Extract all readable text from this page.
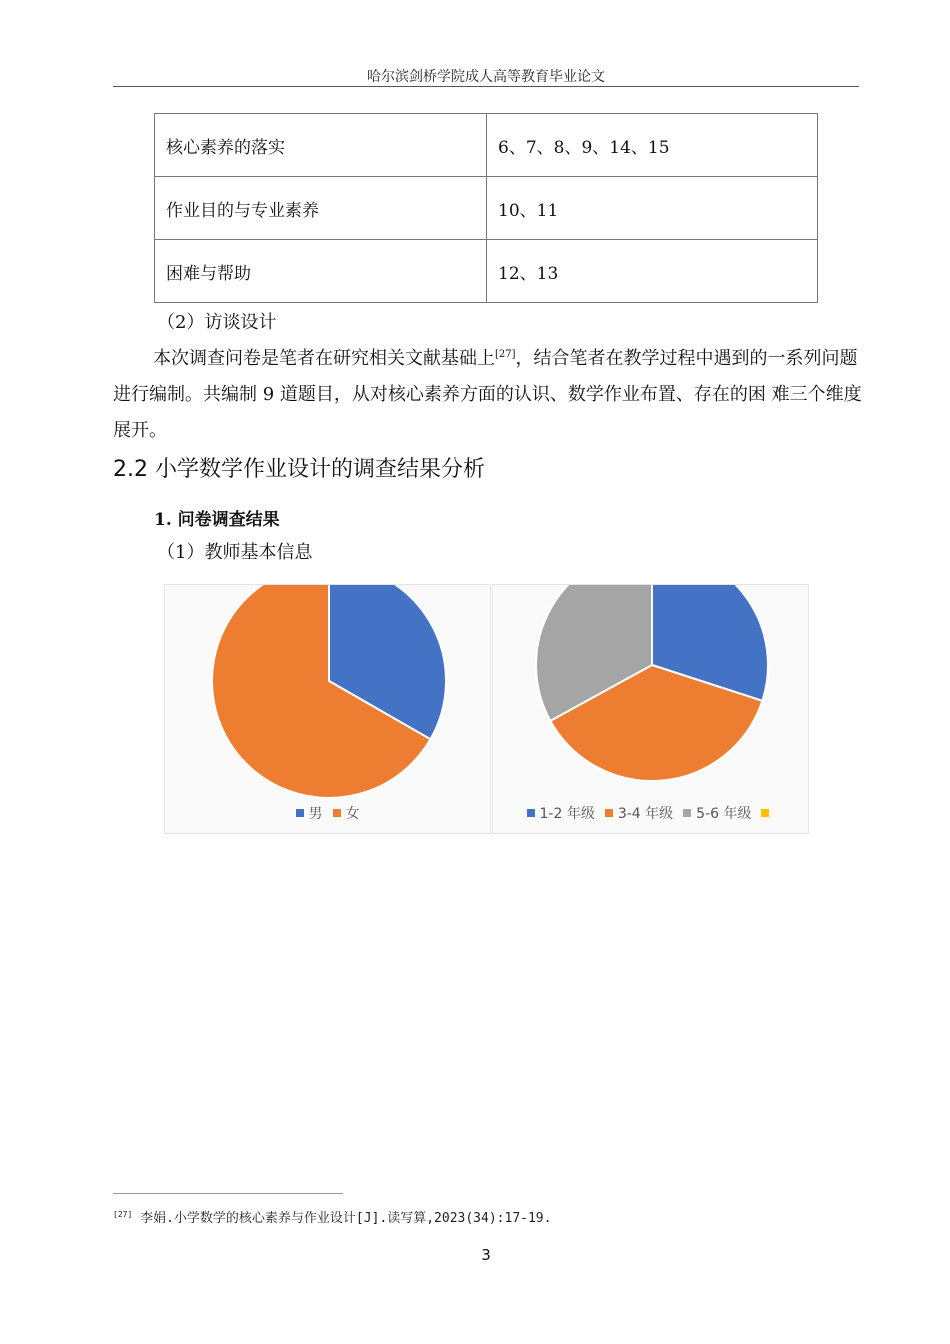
哈尔滨剑桥学院成人高等教育毕业论文
核心素养的落实	6、7、8、9、14、15
作业目的与专业素养	10、11
困难与帮助	12、13
（2）访谈设计
本次调查问卷是笔者在研究相关文献基础上[27]，结合笔者在教学过程中遇到的一系列问题进行编制。共编制 9 道题目，从对核心素养方面的认识、数学作业布置、存在的困 难三个维度展开。
2.2 小学数学作业设计的调查结果分析
1. 问卷调查结果
（1）教师基本信息
男 女	1-2 年级 3-4 年级 5-6 年级
[27] 李娟.小学数学的核心素养与作业设计[J].读写算,2023(34):17-19.
3
